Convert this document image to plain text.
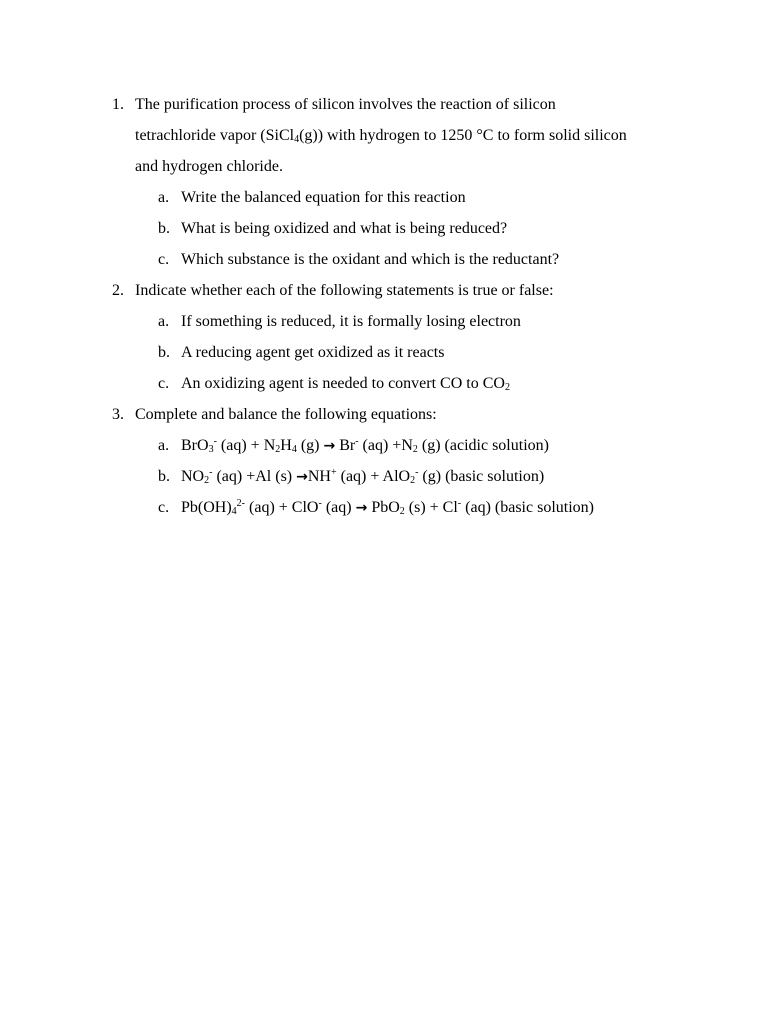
1. The purification process of silicon involves the reaction of silicon
tetrachloride vapor (SiCl$_4$(g)) with hydrogen to 1250 °C to form solid silicon
and hydrogen chloride.
a. Write the balanced equation for this reaction
b. What is being oxidized and what is being reduced?
c. Which substance is the oxidant and which is the reductant?
2. Indicate whether each of the following statements is true or false:
a. If something is reduced, it is formally losing electron
b. A reducing agent get oxidized as it reacts
c. An oxidizing agent is needed to convert CO to $CO_2$
3. Complete and balance the following equations:
a. BrO$_3$- $(aq) + N_2H_4$ (g) → Br- $(aq) +N_2$ (g) (acidic solution)
b. $NO_2^-$ (aq) +Al (s) →NH+ (aq) + AlO$_2$- (g) (basic solution)
c. $Pb(OH)_4^{2-}$ (aq) + ClO- (aq) → PbO$_2$ (s) + Cl- (aq) (basic solution)
